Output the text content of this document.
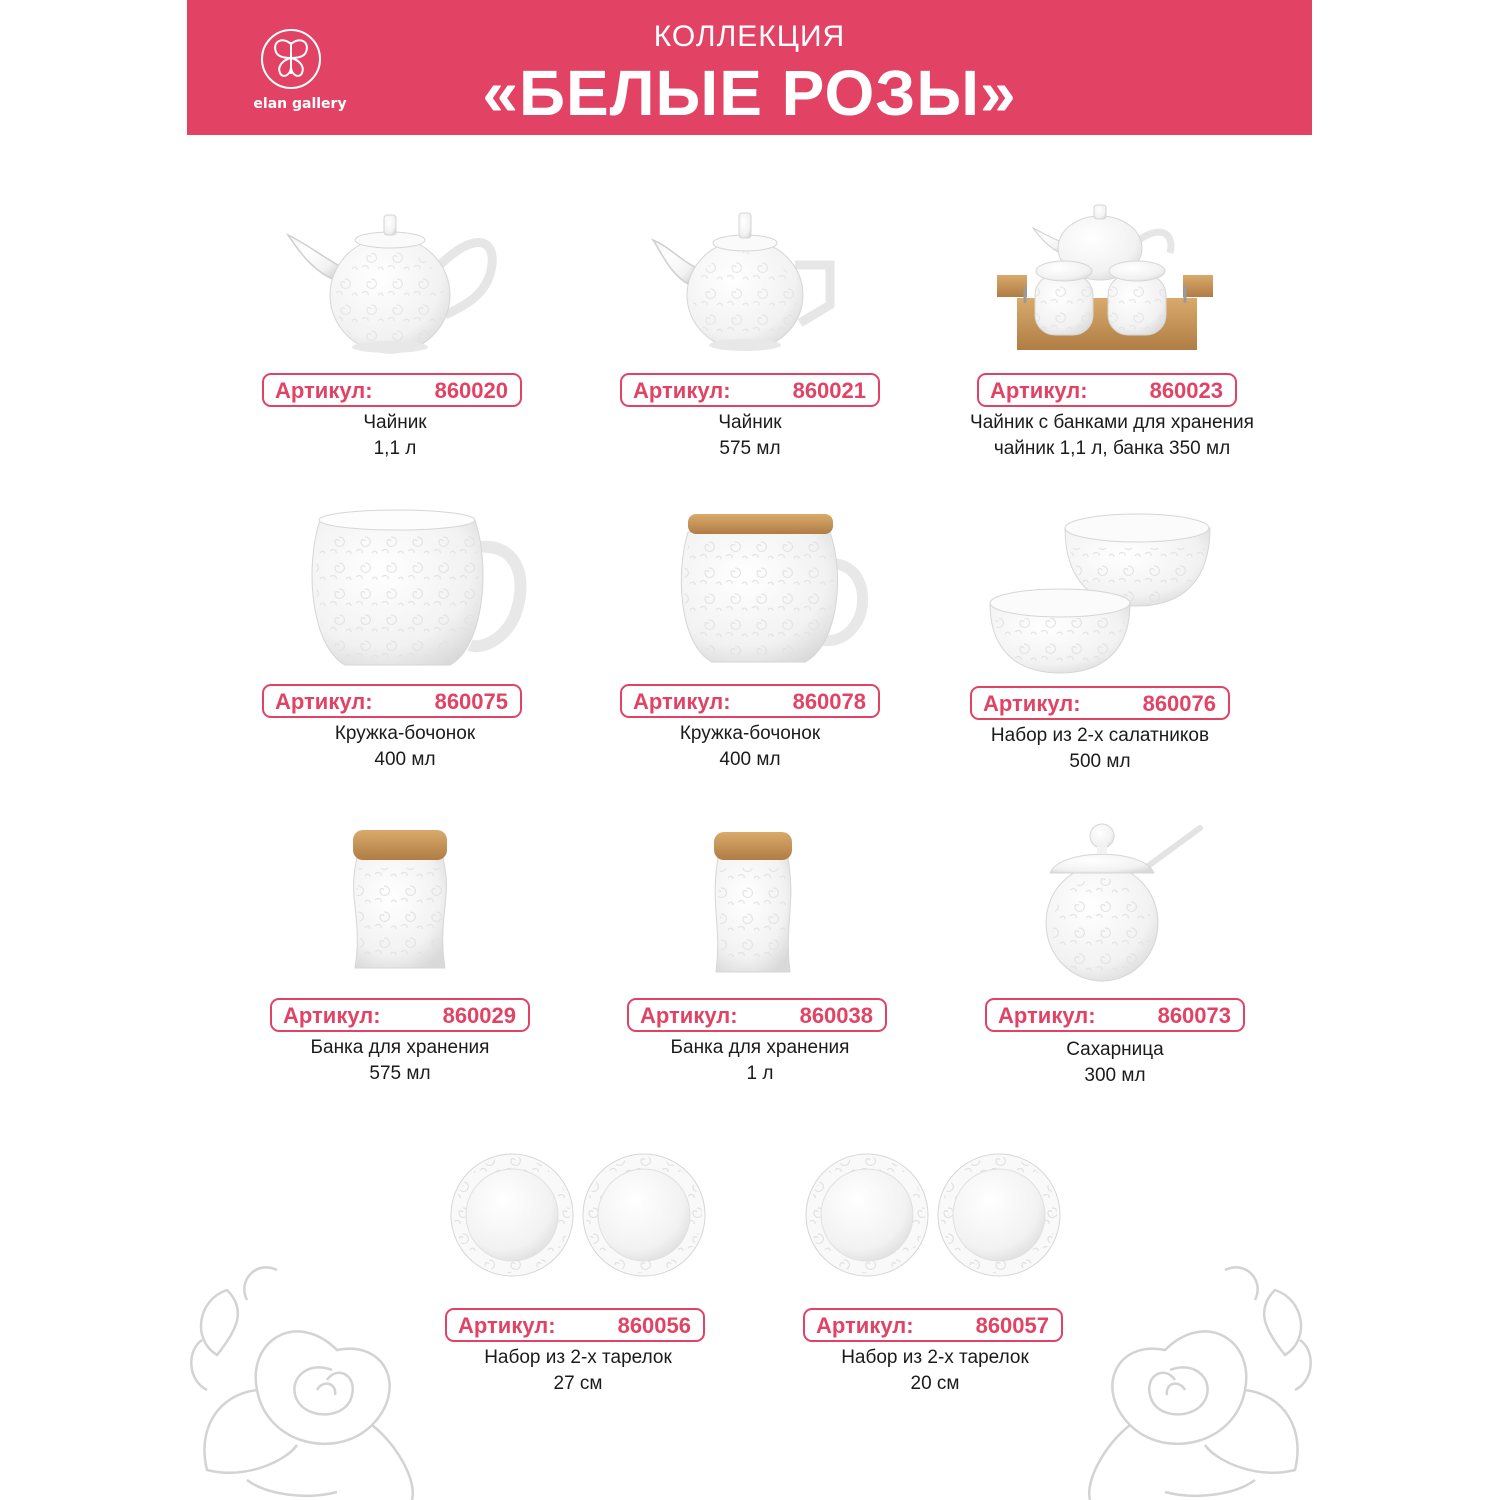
elan gallery
КОЛЛЕКЦИЯ
«БЕЛЫЕ РОЗЫ»
Артикул:	860020
Чайник
1,1 л
Артикул:	860021
Чайник
575 мл
Артикул:	860023
Чайник с банками для хранения
чайник 1,1 л, банка 350 мл
Артикул:	860075
Кружка-бочонок
400 мл
Артикул:	860078
Кружка-бочонок
400 мл
Артикул:	860076
Набор из 2-х салатников
500 мл
Артикул:	860029
Банка для хранения
575 мл
Артикул:	860038
Банка для хранения
1 л
Артикул:	860073
Сахарница
300 мл
Артикул:	860056
Набор из 2-х тарелок
27 см
Артикул:	860057
Набор из 2-х тарелок
20 см
